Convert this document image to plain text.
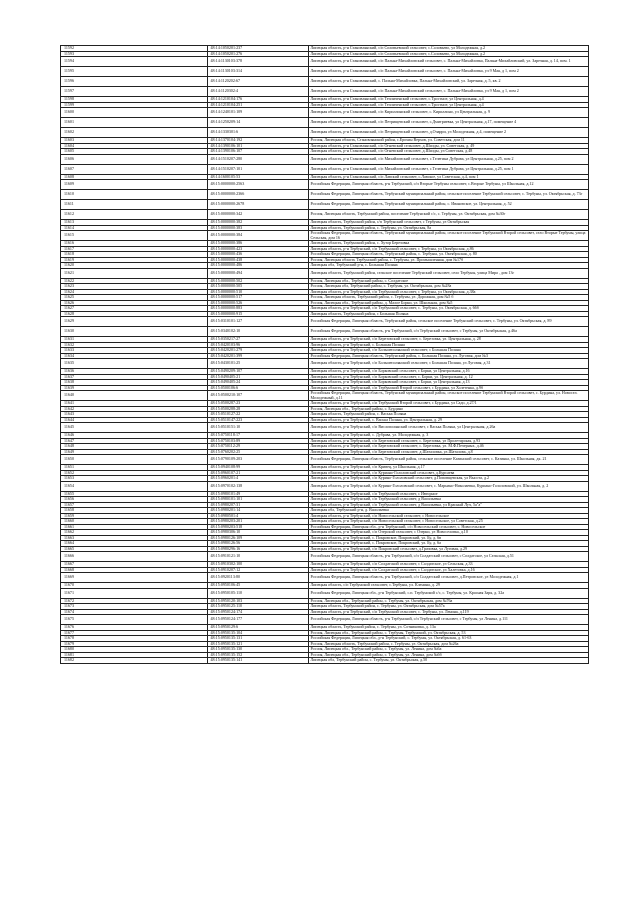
11592	48:14:1050201:237	Липецкая область, р-н Становлянский, с/п Соловьевский сельсовет, с.Соловьево, ул Молодежная, д.2
11593	48:14:1050201:276	Липецкая область, р-н Становлянский, с/п Соловьевский сельсовет, с.Соловьево, ул Молодежная, д.2
11594	48:14:1130103:378	Липецкая область, р-н Становлянский, с/п Пальна-Михайловский сельсовет, с. Пальна-Михайловка, Пальна-Михайловский, ул. Заречная, д. 14, пом. 1
11595	48:14:1130103:314	Липецкая область, р-н Становлянский, с/п Пальна-Михайловский сельсовет, с. Пальна-Михайловка, ул 9 Мая, д 1, пом 2
11596	48:14:1120202:67	Липецкая область, р-н Становлянский, с. Пальна-Михайловка, Пальна-Михайловский, ул. Заречная, д. 5, кв. 2
11597	48:14:1120302:4	Липецкая область, р-н Становлянский, с/п Пальна-Михайловский сельсовет, с. Пальна-Михайловка, ул 9 Мая, д 1, пом 2
11598	48:14:1210104:176	Липецкая область, р-н Становлянский, с/п Тепличенский сельсовет, с.Тростное, ул Центральная, д.4
11599	48:14:1210104:251	Липецкая область, р-н Становлянский, с/п Тепличенский сельсовет, с.Тростное, ул Центральная, д.4
11600	48:14:1240101:109	Липецкая область, р-н Становлянский, с/п Кириллинский сельсовет, с. Кириллино, ул Центральная, д. 9
11601	48:14:1250209:14	Липецкая область, р-н Становлянский, с/п Петрищевский сельсовет, с.Дмитриевка, ул Центральная, д.17, помещение 4
11602	48:14:1330301:6	Липецкая область, р-н Становлянский, с/п Петрищевский сельсовет, д.Очарри, ул Молодежная, д.4, помещение 2
11603	48:14:1370104:192	Россия, Липецкая область, Становлянский район, с.Ерохин Верхов, ул. Советская, дом 11
11604	48:14:1390106:101	Липецкая область, р-н Становлянский, с/п Огневский сельсовет, д.Шилды, ул. Советская, д. 49
11605	48:14:1390106:107	Липецкая область, р-н Становлянский, с/п Огневский сельсовет, д.Шилды, ул Советская, д.48
11606	48:14:1510207:280	Липецкая область, р-н Становлянский, с/п Михайловский сельсовет, с.Телегина Дубрава, ул Центральная, д.25, пом 2
11607	48:14:1510207:101	Липецкая область, р-н Становлянский, с/п Михайловский сельсовет, с.Телегина Дубрава, ул Центральная, д.25, пом 1
11608	48:14:1600105:53	Липецкая область, р-н Становлянский, с/п Лавский сельсовет, с.Лавское, ул Советская, д.4, пом 1
11609	48:15:0000000:2563	Российская Федерация, Липецкая область, р-н Тербунский, с/п Вторые Тербуны сельсовет, с.Вторые Тербуны, ул Школьная, д.12
11610	48:15:0000000:2366	Российская Федерация, Липецкая область, Тербунский муниципальный район, сельское поселение Тербунский сельсовет, с. Тербуны, ул. Октябрьская, д. 73г
11611	48:15:0000000:2678	Российская Федерация, Липецкая область, Тербунский муниципальный район, с. Ивановское, ул. Центральная, д. 52
11612	48:15:0000000:342	Россия, Липецкая область, Тербунский район, поселение Тербунский с/с, с. Тербуны, ул. Октябрьская, дом №30г
11613	48:15:0000000:382	Липецкая область, Тербунский район, с/п Тербунский сельсовет, с Тербуны, ул Октябрьская
11614	48:15:0000000:383	Липецкая область, Тербунский район, с. Тербуны, ул. Октябрьская, 8а
11615	48:15:0000000:384	Российская Федерация, Липецкая область, Тербунский муниципальный район, сельское поселение Тербунский Второй сельсовет, село Вторые Тербуны, улица Сельская, дом 16
11616	48:15:0000000:386	Липецкая область, Тербунский район, с. Хутор Березовка
11617	48:15:0000000:423	Липецкая область, р-н Тербунский, с/п Тербунский сельсовет, с Тербуны, ул Октябрьская, д.86
11618	48:15:0000000:436	Российская Федерация, Липецкая область, Тербунский район, с. Тербуны, ул. Октябрьская, д. 80
11619	48:15:0000000:438	Россия, Липецкая область Тербунский район, с. Тербуны, ул. Промышленная, дом №17б
11620	48:15:0000000:486	Липецкая обл, Тербунский р-н, с. Большая Поляна
11621	48:15:0000000:494	Липецкая область, Тербунский район, сельское поселение Тербунский сельсовет, село Тербуны, улица Мира , дом 13г
11622	48:15:0000000:502	Россия, Липецкая обл., Тербунский район, с. Солдатское
11623	48:15:0000000:505	Россия, Липецкая обл, Тербунский район, с. Тербуны, ул. Октябрьская, дом №28а
11624	48:15:0000000:510	Липецкая область, р-н Тербунский, с/п Тербунский сельсовет, с Тербуны, ул Октябрьская, д.38а
11625	48:15:0000000:517	Россия, Липецкая область, Тербунский район, с. Тербуны, ул. Дорожная, дом №5 б
11626	48:15:0000000:526	Россия, Липецкая обл., Тербунский район, д. Малое Борки, ул. Школьная, дом №5
11627	48:15:0000000:883	Липецкая область, р-н Тербунский, с/п Тербунский сельсовет, с. Тербуны, ул. Октябрьская, д. 66б
11628	48:15:0000000:915	Липецкая область, Тербунский район, с Большая Поляна
11629	48:15:0310101:127	Российская Федерация, Липецкая область, Тербунский район, сельское поселение Тербунский сельсовет, с. Тербуны, ул. Октябрьская, д. 89
11630	48:15:0340102:10	Российская Федерация, Липецкая область, р-н Тербунский, с/п Тербунский сельсовет, с Тербуны, ул Октябрьская, д.46а
11631	48:15:0350217:27	Липецкая область, р-н Тербунский, с/п Березовский сельсовет, с. Березовка, ул. Центральная, д. 28
11632	48:15:0420103:96	Липецкая область, р-н Тербунский, с. Большая Поляна
11633	48:15:0420201:279	Липецкая область, р-н Тербунский, с/п Большеполянский сельсовет, с Большая Поляна
11634	48:15:0420201:399	Российская Федерация, Липецкая область, Тербунский район, с. Большая Поляна, ул. Луговая, дом №3
11635	48:15:0430101:25	Липецкая область, р-н Тербунский, с/п Большеполянский сельсовет, с Большая Поляна, ул Луговая, д.31
11636	48:15:0490209:107	Липецкая область, р-н Тербунский, с/п Борковский сельсовет, с Борки, ул Центральная, д.16
11637	48:15:0490405:21	Липецкая область, р-н Тербунский, с/п Борковский сельсовет, с. Борки, ул. Центральная, д. 12
11638	48:15:0490405:24	Липецкая область, р-н Тербунский, с/п Борковский сельсовет, с Борки, ул Центральная, д.13
11639	48:15:0500106:6	Липецкая область, р-н Тербунский, с/п Тербунский Второй сельсовет, с Бурдина, ул Холетенка, д.9б
11640	48:15:0500210:107	Российская Федерация, Липецкая область, Тербунский муниципальный район, сельское поселение Тербунский Второй сельсовет, с. Бурдина, ул. Новосел. Молодежный, д.11
11641	48:15:0500287:23	Липецкая область, р-н Тербунский, с/п Тербунский Второй сельсовет, с Бурдина, ул Садо, д.27/1
11642	48:15:0500288:28	Россия, Липецкая обл., Тербунский район, с. Бурдино
11643	48:15:0510127:22	Липецкая область, Тербунский район, с. Васька Поляна
11644	48:15:0510147:223	Липецкая область, р-н Тербунский, с. Васька Поляна, ул. Центральная, д. 29
11645	48:15:0510151:10	Липецкая область, р-н Тербунский, с/п Вислополянский сельсовет, с Васька Поляна, ул Центральная, д.26а
11646	48:15:0750118:17	Липецкая область, р-н Тербунский, с. Дубрава, ул. Молодежная, д. 3
11647	48:15:0750103:89	Липецкая область, р-н Тербунский, с/п Березовский сельсовет, с. Березовка, ул Пролетарская, д.93
11648	48:15:0750112:29	Липецкая область, р-н Тербунский, с/п Березовский сельсовет, с. Березовка, ул. М.Ф.Печерных, д.46
11649	48:15:0760202:25	Липецкая область, р-н Тербунский, с/п Березовский сельсовет, д.Шаталовка, ул.Шаталова, д.8
11650	48:15:0790109:203	Российская Федерация, Липецкая область, Тербунский район, сельское поселение Казинский сельсовет, с. Казинка, ул. Школьная, дк. 21
11651	48:15:0940108:99	Липецкая область, р-н Тербунский, с/п Кривец, ул Школьная, д.17
11652	48:15:0960107:21	Липецкая область, р-н Тербунский, с/п Куриано-Гололовский сельсовет, д.Курсаева
11653	48:15:0960201:4	Липецкая область, р-н Тербунский, с/п Курино-Гололовский сельсовет, д.Поповщевская, ул Высота, д.2
11654	48:15:0970102:138	Липецкая область, р-н Тербунский, с/п Курино-Гололовский сельсовет, с. Марьино-Николаевка, Куриано-Гололовский, ул. Школьная, д. 2
11655	48:15:0980101:49	Липецкая область, р-н Тербунский, с/п Тербунский сельсовет, с Ивторное
11656	48:15:0980101:101	Липецкая область, р-н Тербунский, с/п Тербунский сельсовет, д Васильевка
11657	48:15:0980207:31	Липецкая область, р-н Тербунский, с/п Тербунский сельсовет, д Васильевка, ул Красный Луч, 5а"а"
11658	48:15:0980201:14	Липецкая обл, Тербунский р-н, д. Васильевка
11659	48:15:0980501:4	Липецкая область, р-н Тербунский, с/п Новосельский сельсовет, с Новосельское
11660	48:15:0980203:201	Липецкая область, р-н Тербунский, с/п Новосельский сельсовет, с Новосельское, ул Советская, д.25
11661	48:15:0980203:518	Российская Федерация, Липецкая обл., р-н Тербунский, с/п Новосельский сельсовет, с. Новосельское
11662	48:15:0980306:10	Липецкая область, р-н Тербунский, с/п Озерский сельсовет, с Озерки, ул Новоселовка, д.10
11663	48:15:0980126:109	Липецкая область, р-н Тербунский, с. Покровское, Покровский, ул. Бу, д. 6в
11664	48:15:0980126:56	Липецкая область, р-н Тербунский, с. Покровское, Покровский, ул. Бу, д. 6а
11665	48:15:0980296:16	Липецкая область, р-н Тербунский, с/п Покровский сельсовет, д.Грачовка, ул Луговая, д.29
11666	48:15:0910121:10	Российская Федерация, Липецкая область, р-н Тербунский, с/п Солдатский сельсовет, с Солдатское, ул Сельская, д.51
11667	48:15:0910302:100	Липецкая область, р-н Тербунский, с/п Солдатский сельсовет, с Солдатское, ул Сельская, д.33
11668	48:15:0910207:12	Липецкая область, р-н Тербунский, с/п Солдатский сельсовет, с Солдатское, ул Халетовка, д.16
11669	48:15:0920113:80	Российская Федерация, Липецкая область, р-н Тербунский, с/п Солдатский сельсовет, д.Петровское, ул Молодежная, д.1
11670	48:15:0950106:45	Липецкая область, с/п Тербунский сельсовет, с.Тербуны, ул. Кленина, д. 29
11671	48:15:0950105:110	Российская Федерация, Липецкая обл., р-н Тербунский, с.п. Тербунский с/с, с. Тербуны, ул. Красная Заря, д. 32а
11672	48:15:0950120:103	Россия, Липецкая обл., Тербунский район, с. Тербуны, ул. Октябрьская, дом №76а
11673	48:15:0950125:110	Липецкая область, Тербунский район, с. Тербуны, ул. Октябрьская, дом №57а
11674	48:15:0950124:174	Липецкая область, р-н Тербунский, с/п Тербунский сельсовет, с. Тербуны, ул. Ленина, д.119
11675	48:15:0950124:177	Российская Федерация, Липецкая область, р-н Тербунский, с/п Тербунский сельсовет, с Тербуны, ул Ленина, д.111
11676	48:15:0950129:6	Липецкая область, Тербунский район, с. Тербуны, ул. Сотниковка, д. 13а
11677	48:15:0950135:104	Россия, Липецкая обл., Тербунский район, с. Тербуны, Тербунский, ул. Октябрьская, д. 53
11678	48:15:0950135:131	Российская Федерация, Липецкая обл., р-н Тербунский, с. Тербуны, ул. Октябрьская, д. 61-63
11679	48:15:0950135:121	Россия, Липецкая область, Тербунский район, с. Тербуны, ул. Октябрьская, дом №26а
11680	48:15:0950135:130	Россия, Липецкая обл., Тербунский район, с. Тербуны, ул. Ленина, дом №6а
11681	48:15:0950135:152	Россия, Липецкая обл., Тербунский район, с. Тербуны, ул. Ленина, дом №6б
11682	48:15:0950135:141	Липецкая обл, Тербунский район, с. Тербуны, ул. Октябрьская, д.50
